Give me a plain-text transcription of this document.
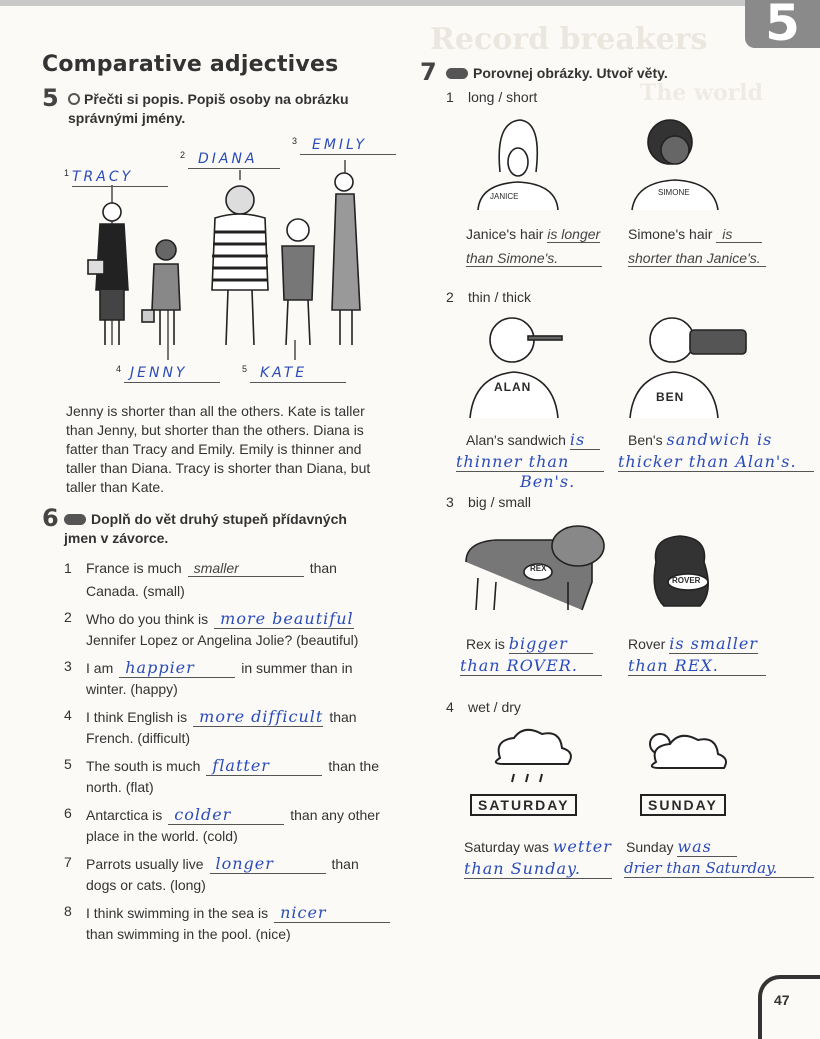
Record breakers
The world
5
Comparative adjectives
5	Přečti si popis. Popiš osoby na obrázku správnými jmény.
1 TRACY
2 DIANA
3	EMILY
4 JENNY	5 KATE
Jenny is shorter than all the others. Kate is taller than Jenny, but shorter than the others. Diana is fatter than Tracy and Emily. Emily is thinner and taller than Diana. Tracy is shorter than Diana, but taller than Kate.
6	Doplň do vět druhý stupeň přídavných jmen v závorce.
1 France is much smaller	than
Canada. (small)
2 Who do you think is more beautiful
Jennifer Lopez or Angelina Jolie? (beautiful)
3 I am happier	in summer than in
winter. (happy)
4 I think English is more difficult than
French. (difficult)
5 The south is much flatter	than the
north. (flat)
6 Antarctica is colder	than any other
place in the world. (cold)
7 Parrots usually live longer	than
dogs or cats. (long)
8 I think swimming in the sea is nicer
than swimming in the pool. (nice)
7	Porovnej obrázky. Utvoř věty.
1 long / short
JANICE	SIMONE
Janice's hair is longer
than Simone's.
Simone's hair is
shorter than Janice's.
2 thin / thick
ALAN
BEN
Alan's sandwich is
thinner than
Ben's.
Ben's sandwich is
thicker than Alan's.
3 big / small
REX
ROVER
Rex is bigger
than ROVER.
Rover is smaller
than REX.
4 wet / dry
SATURDAY	SUNDAY
Saturday was wetter
than Sunday.
Sunday was
drier than Saturday.
47
